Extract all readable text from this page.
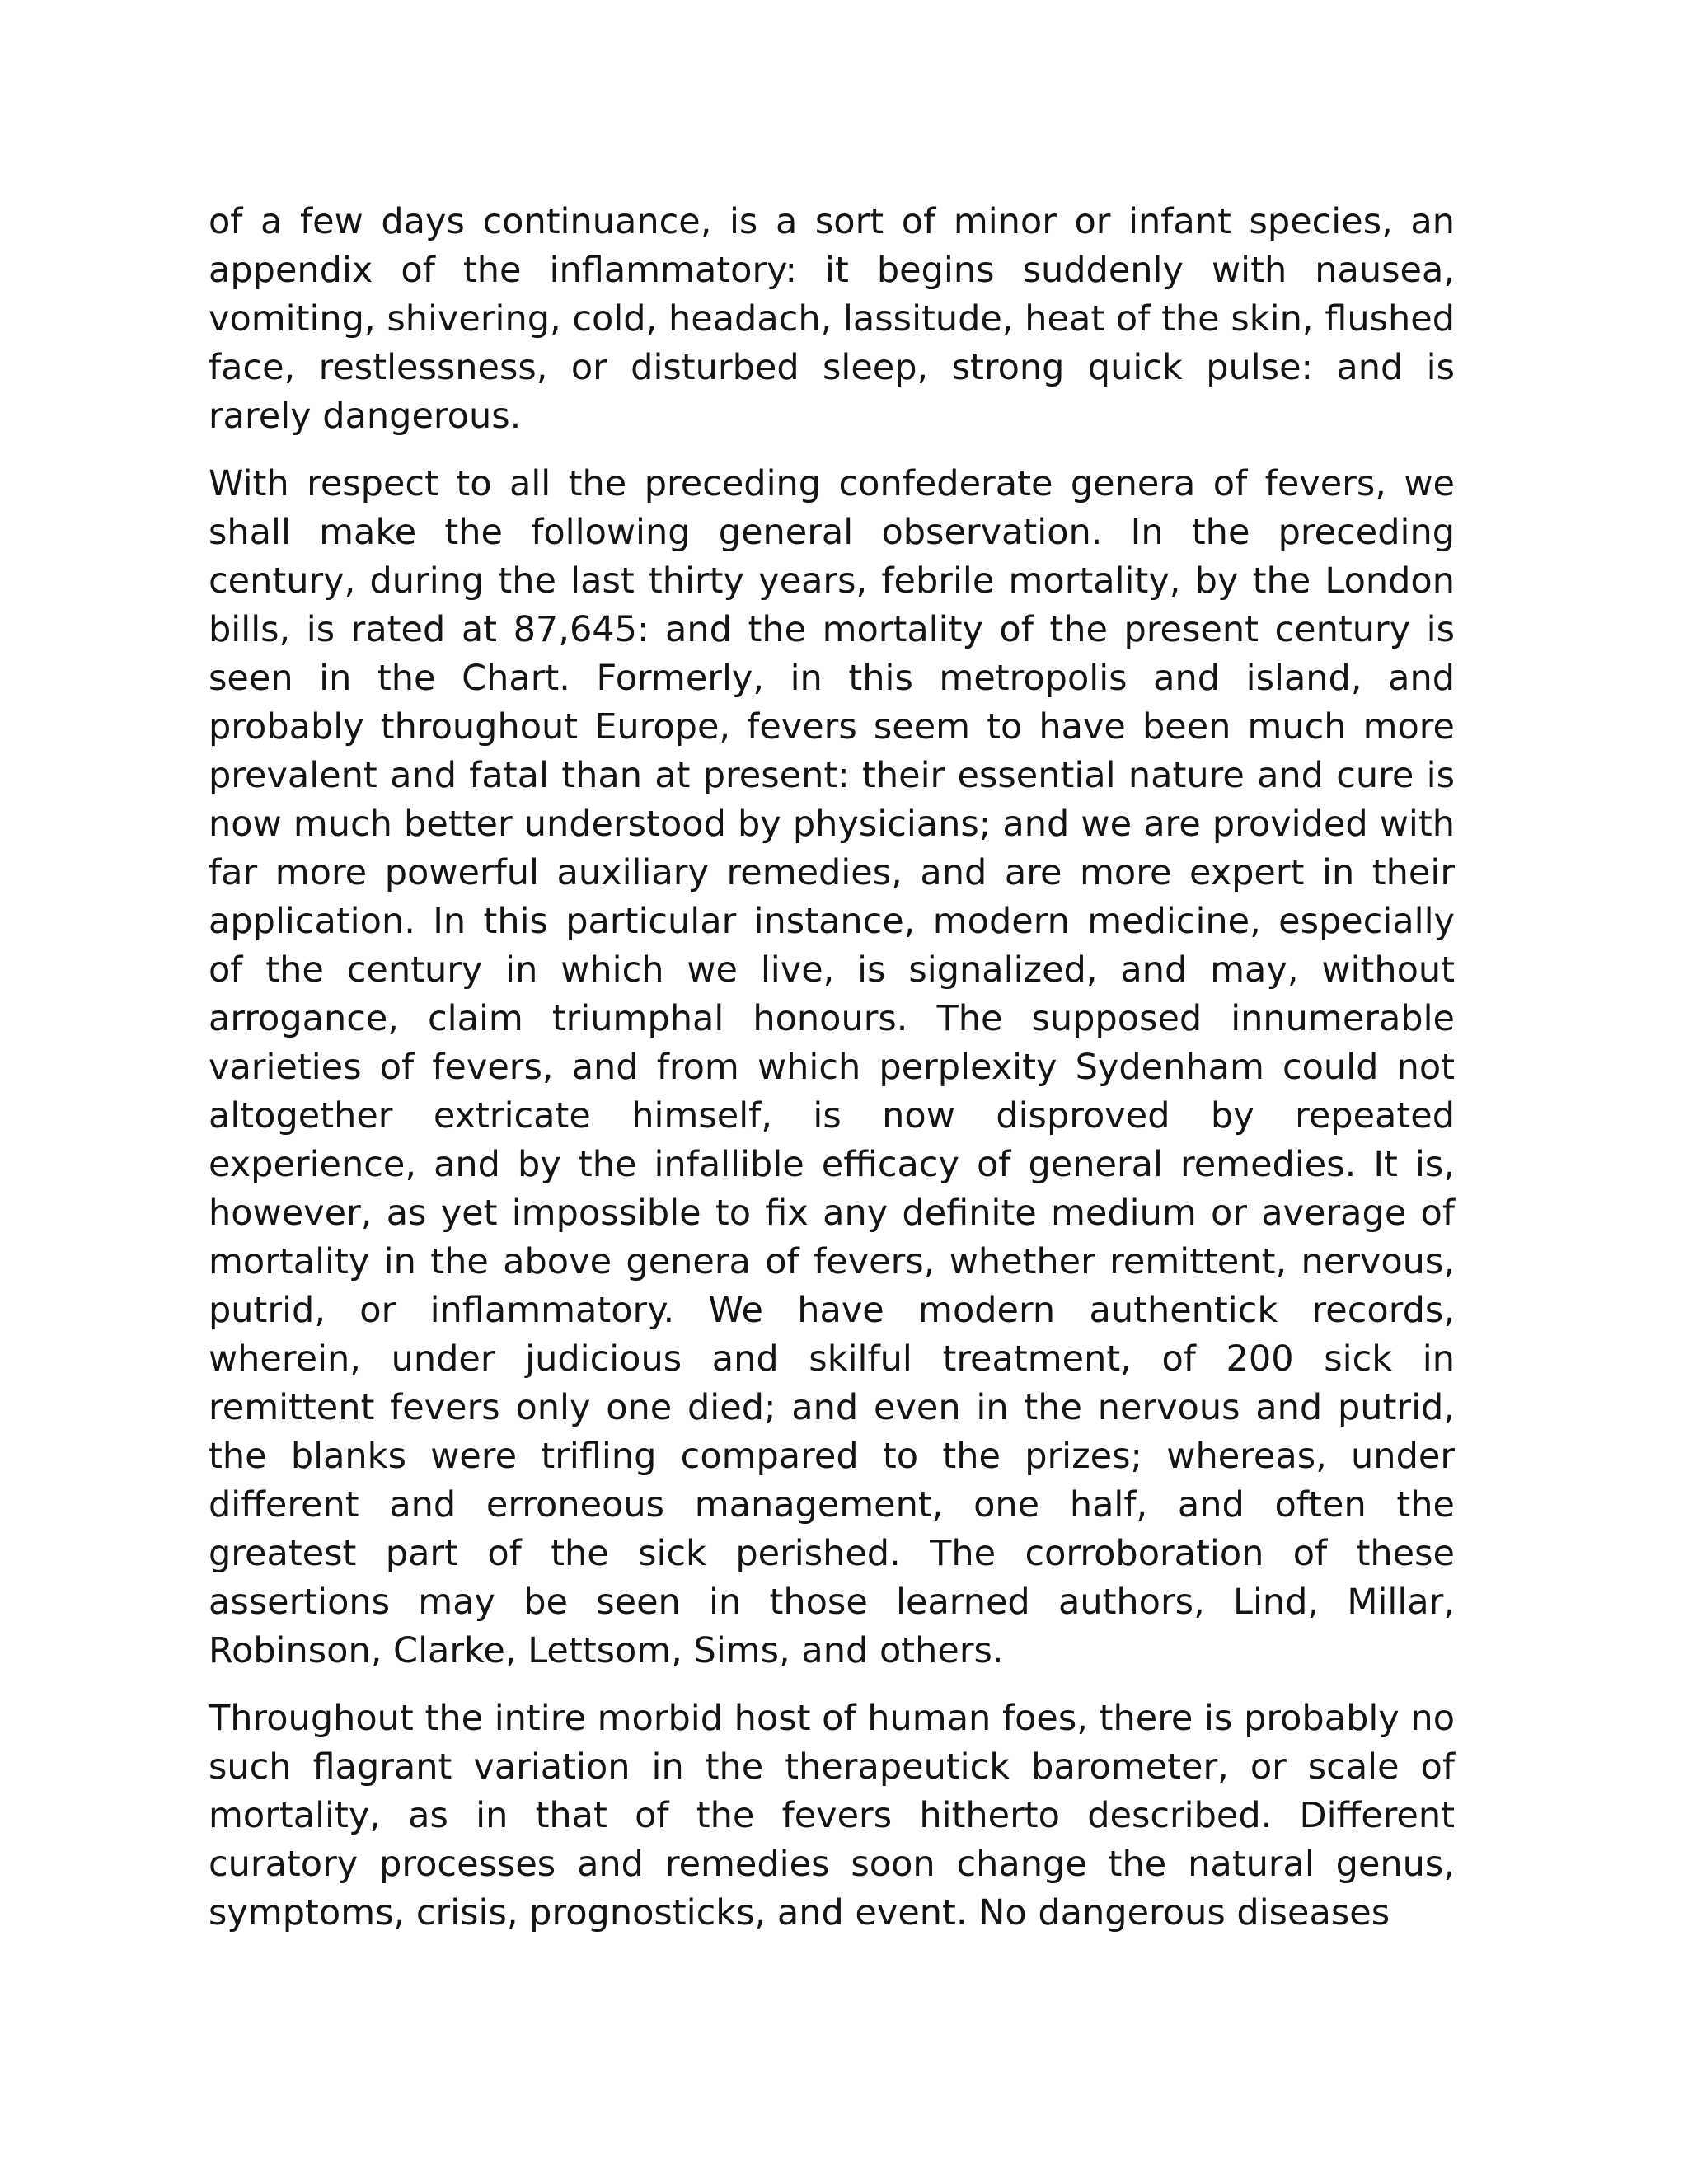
of a few days continuance, is a sort of minor or infant species, an appendix of the inflammatory: it begins suddenly with nausea, vomiting, shivering, cold, headach, lassitude, heat of the skin, flushed face, restlessness, or disturbed sleep, strong quick pulse: and is rarely dangerous.

With respect to all the preceding confederate genera of fevers, we shall make the following general observation. In the preceding century, during the last thirty years, febrile mortality, by the London bills, is rated at 87,645: and the mortality of the present century is seen in the Chart. Formerly, in this metropolis and island, and probably throughout Europe, fevers seem to have been much more prevalent and fatal than at present: their essential nature and cure is now much better understood by physicians; and we are provided with far more powerful auxiliary remedies, and are more expert in their application. In this particular instance, modern medicine, especially of the century in which we live, is signalized, and may, without arrogance, claim triumphal honours. The supposed innumerable varieties of fevers, and from which perplexity Sydenham could not altogether extricate himself, is now disproved by repeated experience, and by the infallible efficacy of general remedies. It is, however, as yet impossible to fix any definite medium or average of mortality in the above genera of fevers, whether remittent, nervous, putrid, or inflammatory. We have modern authentick records, wherein, under judicious and skilful treatment, of 200 sick in remittent fevers only one died; and even in the nervous and putrid, the blanks were trifling compared to the prizes; whereas, under different and erroneous management, one half, and often the greatest part of the sick perished. The corroboration of these assertions may be seen in those learned authors, Lind, Millar, Robinson, Clarke, Lettsom, Sims, and others.

Throughout the intire morbid host of human foes, there is probably no such flagrant variation in the therapeutick barometer, or scale of mortality, as in that of the fevers hitherto described. Different curatory processes and remedies soon change the natural genus, symptoms, crisis, prognosticks, and event. No dangerous diseases
